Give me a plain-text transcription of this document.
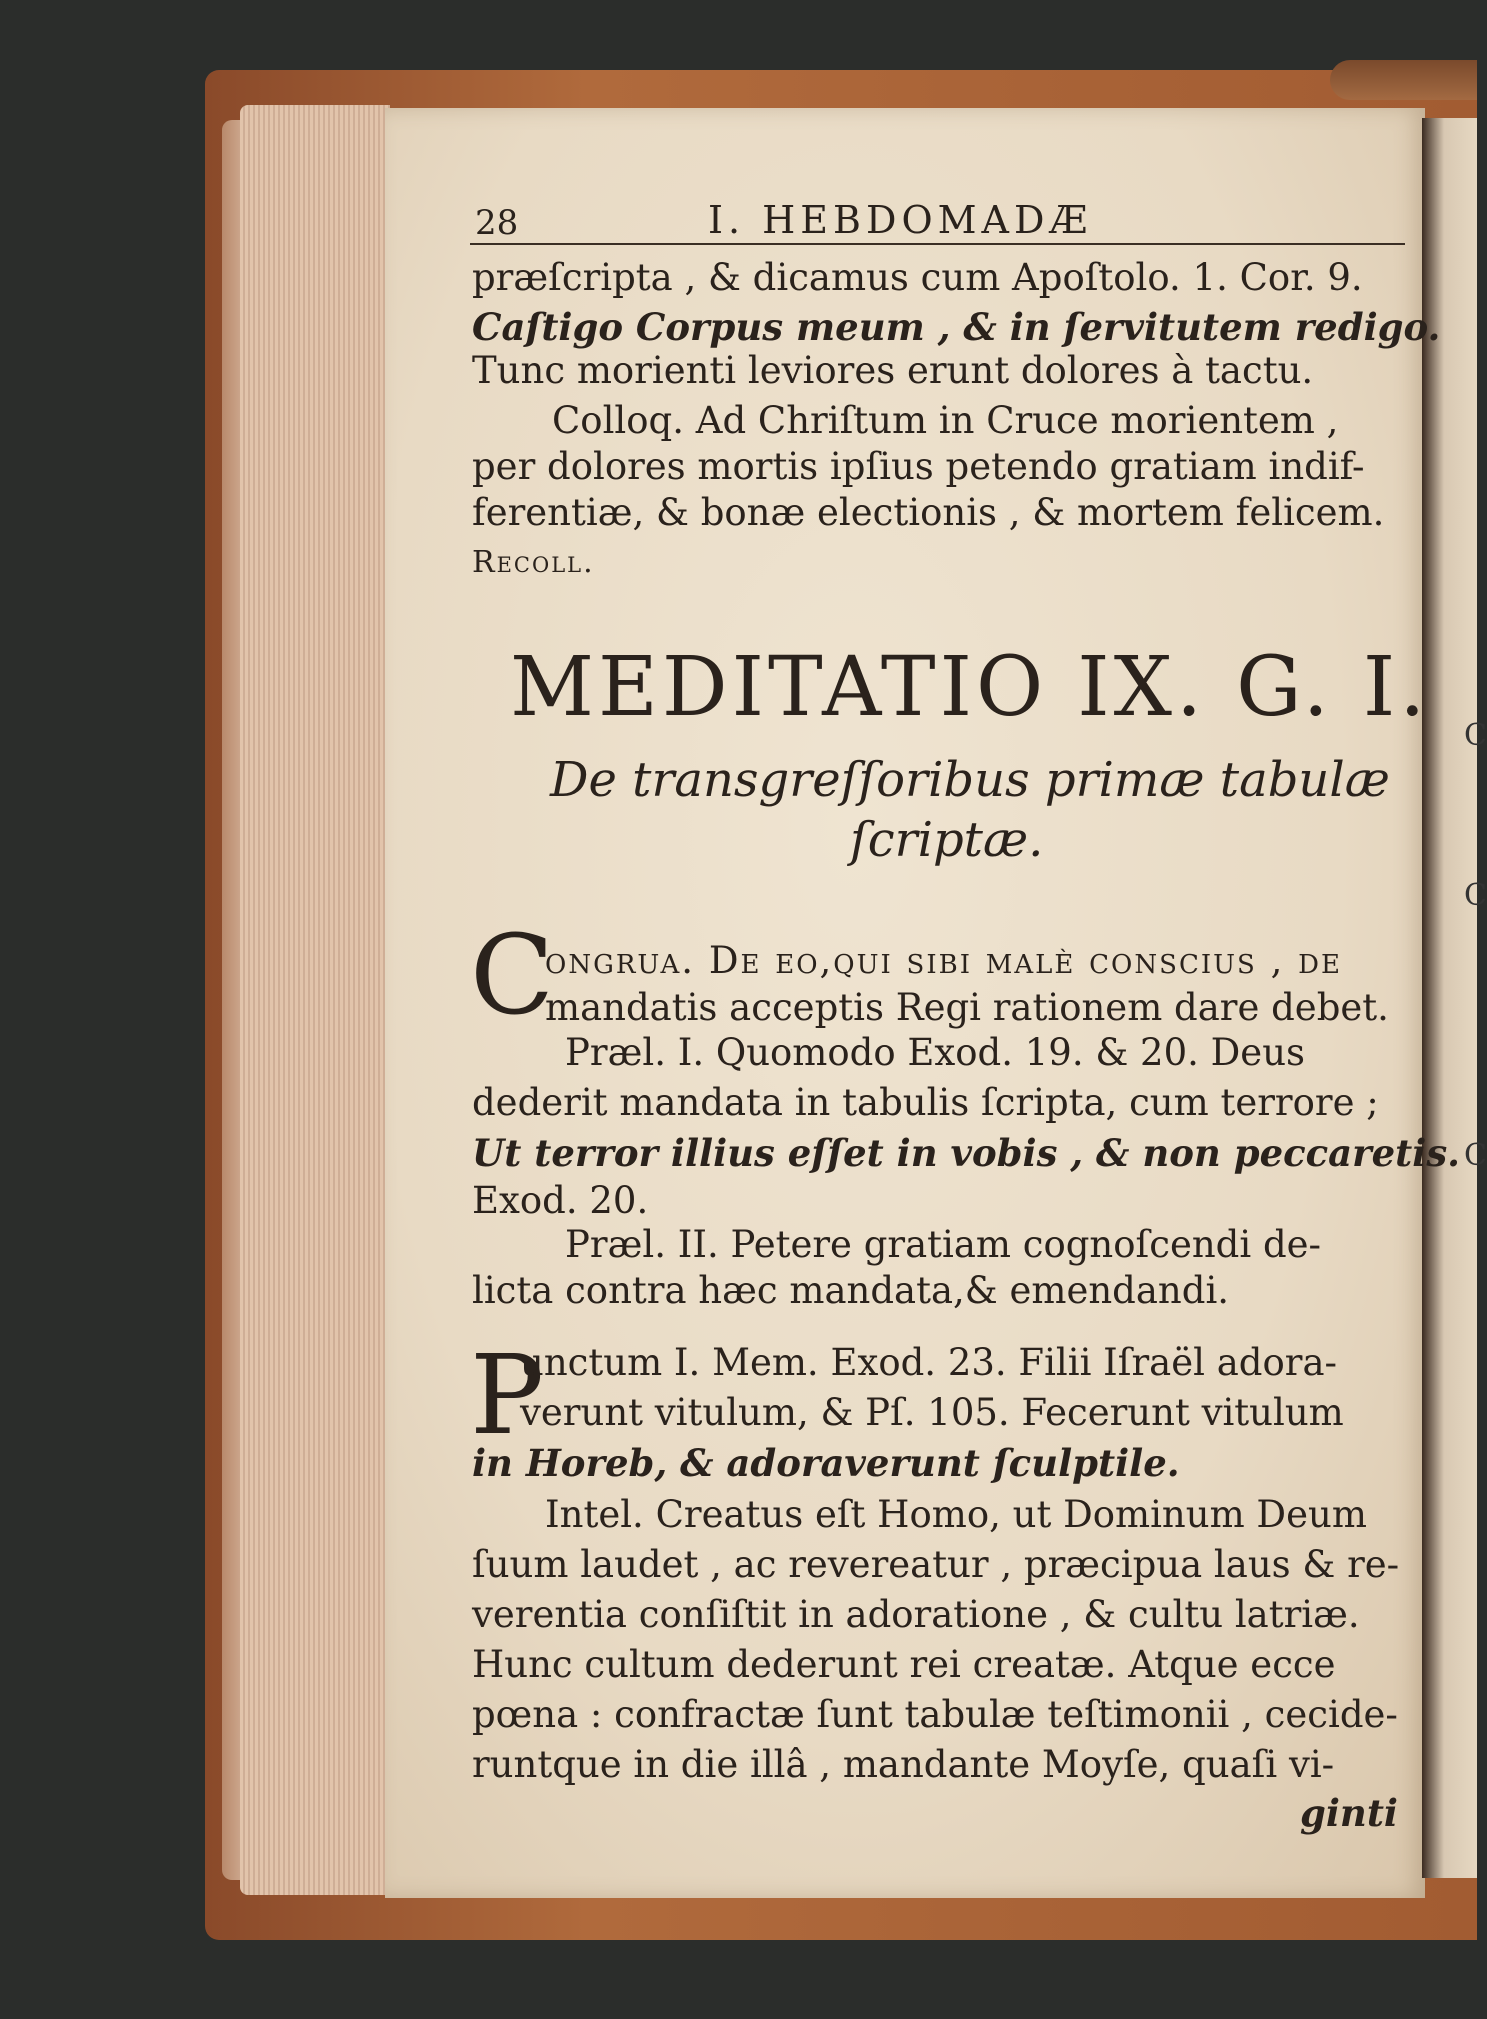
C
C
C
28	I. HEBDOMADÆ
præſcripta , & dicamus cum Apoſtolo. 1. Cor. 9.
Caſtigo Corpus meum , & in ſervitutem redigo.
Tunc morienti leviores erunt dolores à tactu.
Colloq. Ad Chriſtum in Cruce morientem ,
per dolores mortis ipſius petendo gratiam indif-
ferentiæ, & bonæ electionis , & mortem felicem.
Recoll.
MEDITATIO IX. G. I.
De transgreſſoribus primæ tabulæ
ſcriptæ.
C
ongrua. De eo,qui ſibi malè conſcius , de
mandatis acceptis Regi rationem dare debet.
Præl. I. Quomodo Exod. 19. & 20. Deus
dederit mandata in tabulis ſcripta, cum terrore ;
Ut terror illius eſſet in vobis , & non peccaretis.
Exod. 20.
Præl. II. Petere gratiam cognoſcendi de-
licta contra hæc mandata,& emendandi.
P
unctum I. Mem. Exod. 23. Filii Iſraël adora-
verunt vitulum, & Pſ. 105. Fecerunt vitulum
in Horeb, & adoraverunt ſculptile.
Intel. Creatus eſt Homo, ut Dominum Deum
ſuum laudet , ac revereatur , præcipua laus & re-
verentia conſiſtit in adoratione , & cultu latriæ.
Hunc cultum dederunt rei creatæ. Atque ecce
pœna : confractæ ſunt tabulæ teſtimonii , cecide-
runtque in die illâ , mandante Moyſe, quaſi vi-
ginti
